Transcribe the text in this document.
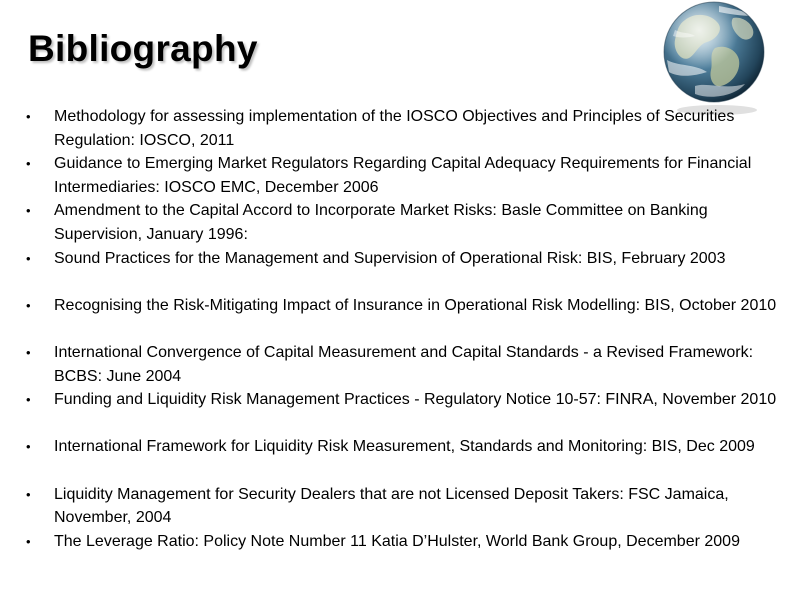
Bibliography
• Methodology for assessing implementation of the IOSCO Objectives and Principles of Securities Regulation: IOSCO, 2011
• Guidance to Emerging Market Regulators Regarding Capital Adequacy Requirements for Financial Intermediaries: IOSCO EMC, December 2006
• Amendment to the Capital Accord to Incorporate Market Risks: Basle Committee on Banking Supervision, January 1996:
• Sound Practices for the Management and Supervision of Operational Risk: BIS, February 2003
• Recognising the Risk-Mitigating Impact of Insurance in Operational Risk Modelling: BIS, October 2010
• International Convergence of Capital Measurement and Capital Standards - a Revised Framework: BCBS: June 2004
• Funding and Liquidity Risk Management Practices - Regulatory Notice 10-57: FINRA, November 2010
• International Framework for Liquidity Risk Measurement, Standards and Monitoring: BIS, Dec 2009
• Liquidity Management for Security Dealers that are not Licensed Deposit Takers: FSC Jamaica, November, 2004
• The Leverage Ratio: Policy Note Number 11 Katia D’Hulster, World Bank Group, December 2009
